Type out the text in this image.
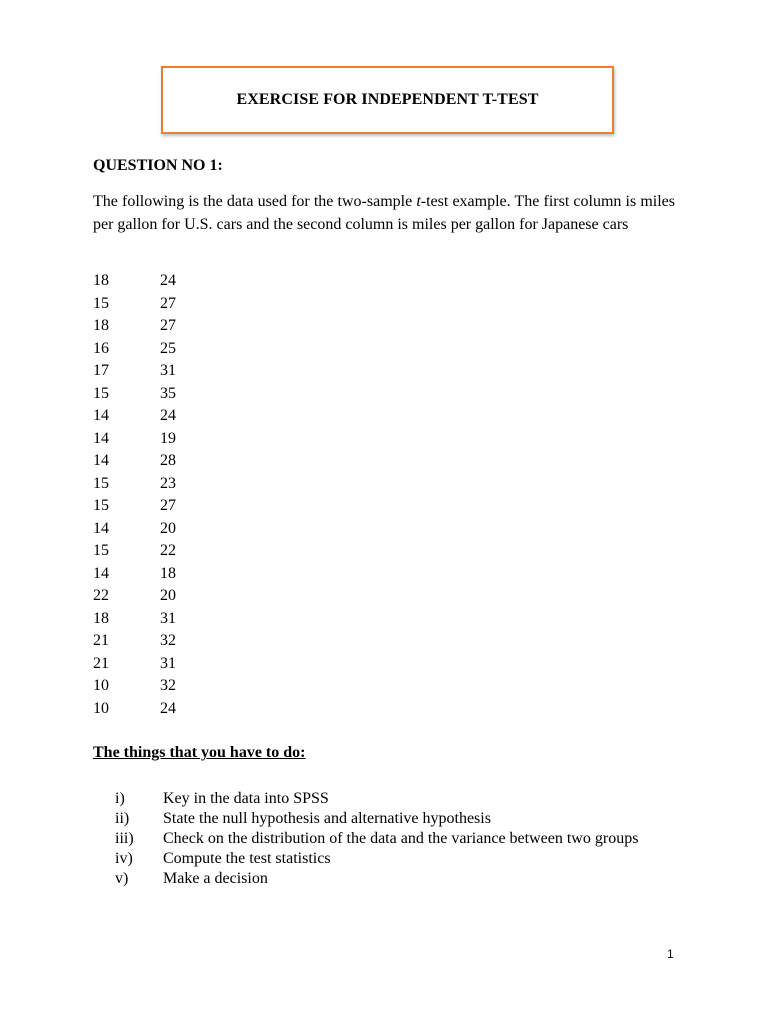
EXERCISE FOR INDEPENDENT T-TEST
QUESTION NO 1:

The following is the data used for the two-sample t-test example. The first column is miles per gallon for U.S. cars and the second column is miles per gallon for Japanese cars

18	24
15	27
18	27
16	25
17	31
15	35
14	24
14	19
14	28
15	23
15	27
14	20
15	22
14	18
22	20
18	31
21	32
21	31
10	32
10	24
The things that you have to do:
i) Key in the data into SPSS
ii) State the null hypothesis and alternative hypothesis
iii) Check on the distribution of the data and the variance between two groups
iv) Compute the test statistics
v) Make a decision
1
